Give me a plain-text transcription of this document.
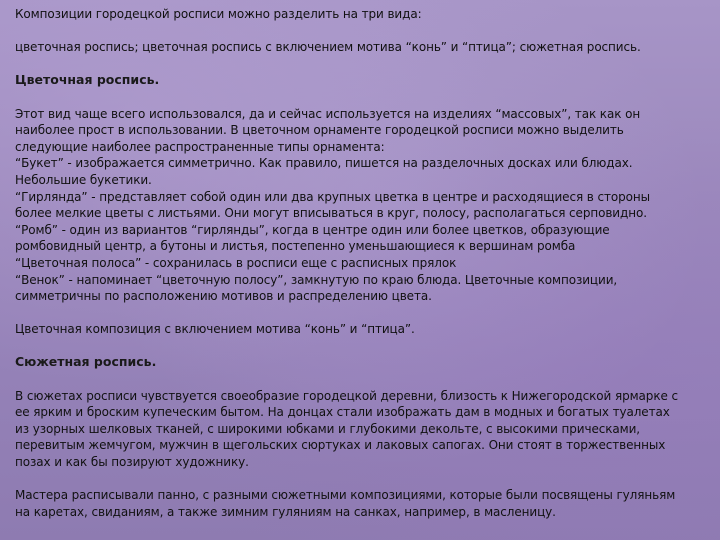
Композиции городецкой росписи можно разделить на три вида:

цветочная роспись; цветочная роспись с включением мотива “конь” и “птица”; сюжетная роспись.

Цветочная роспись.

Этот вид чаще всего использовался, да и сейчас используется на изделиях “массовых”, так как он
наиболее прост в использовании. В цветочном орнаменте городецкой росписи можно выделить
следующие наиболее распространенные типы орнамента:
“Букет” - изображается симметрично. Как правило, пишется на разделочных досках или блюдах.
Небольшие букетики.
“Гирлянда” - представляет собой один или два крупных цветка в центре и расходящиеся в стороны
более мелкие цветы с листьями. Они могут вписываться в круг, полосу, располагаться серповидно.
“Ромб” - один из вариантов “гирлянды”, когда в центре один или более цветков, образующие
ромбовидный центр, а бутоны и листья, постепенно уменьшающиеся к вершинам ромба
“Цветочная полоса” - сохранилась в росписи еще с расписных прялок
“Венок” - напоминает “цветочную полосу”, замкнутую по краю блюда. Цветочные композиции,
симметричны по расположению мотивов и распределению цвета.

Цветочная композиция с включением мотива “конь” и “птица”.

Сюжетная роспись.

В сюжетах росписи чувствуется своеобразие городецкой деревни, близость к Нижегородской ярмарке с
ее ярким и броским купеческим бытом. На донцах стали изображать дам в модных и богатых туалетах
из узорных шелковых тканей, с широкими юбками и глубокими декольте, с высокими прическами,
перевитым жемчугом, мужчин в щегольских сюртуках и лаковых сапогах. Они стоят в торжественных
позах и как бы позируют художнику.

Мастера расписывали панно, с разными сюжетными композициями, которые были посвящены гуляньям
на каретах, свиданиям, а также зимним гуляниям на санках, например, в масленицу.
